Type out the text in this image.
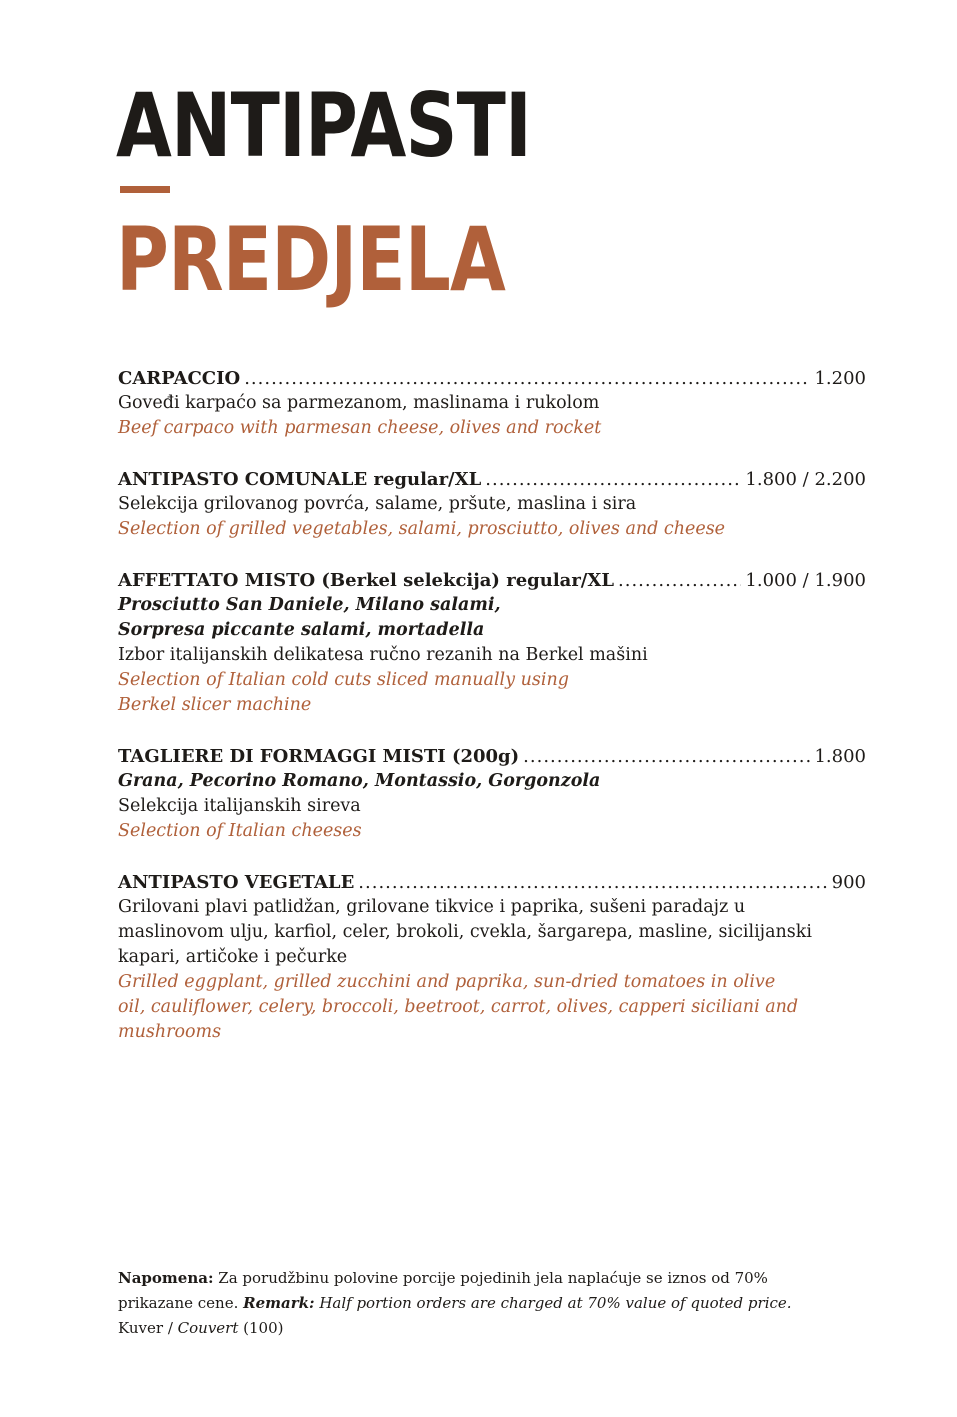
ANTIPASTI
PREDJELA
CARPACCIO .....	1.200
Goveđi karpaćo sa parmezanom, maslinama i rukolom
Beef carpaco with parmesan cheese, olives and rocket
ANTIPASTO COMUNALE regular/XL .....	1.800 / 2.200
Selekcija grilovanog povrća, salame, pršute, maslina i sira
Selection of grilled vegetables, salami, prosciutto, olives and cheese
AFFETTATO MISTO (Berkel selekcija) regular/XL .....	1.000 / 1.900
Prosciutto San Daniele, Milano salami,
Sorpresa piccante salami, mortadella
Izbor italijanskih delikatesa ručno rezanih na Berkel mašini
Selection of Italian cold cuts sliced manually using
Berkel slicer machine
TAGLIERE DI FORMAGGI MISTI (200g) .....	1.800
Grana, Pecorino Romano, Montassio, Gorgonzola
Selekcija italijanskih sireva
Selection of Italian cheeses
ANTIPASTO VEGETALE .....	900
Grilovani plavi patlidžan, grilovane tikvice i paprika, sušeni paradajz u
maslinovom ulju, karfiol, celer, brokoli, cvekla, šargarepa, masline, sicilijanski
kapari, artičoke i pečurke
Grilled eggplant, grilled zucchini and paprika, sun-dried tomatoes in olive
oil, cauliflower, celery, broccoli, beetroot, carrot, olives, capperi siciliani and
mushrooms
Napomena: Za porudžbinu polovine porcije pojedinih jela naplaćuje se iznos od 70%
prikazane cene. Remark: Half portion orders are charged at 70% value of quoted price.
Kuver / Couvert (100)
